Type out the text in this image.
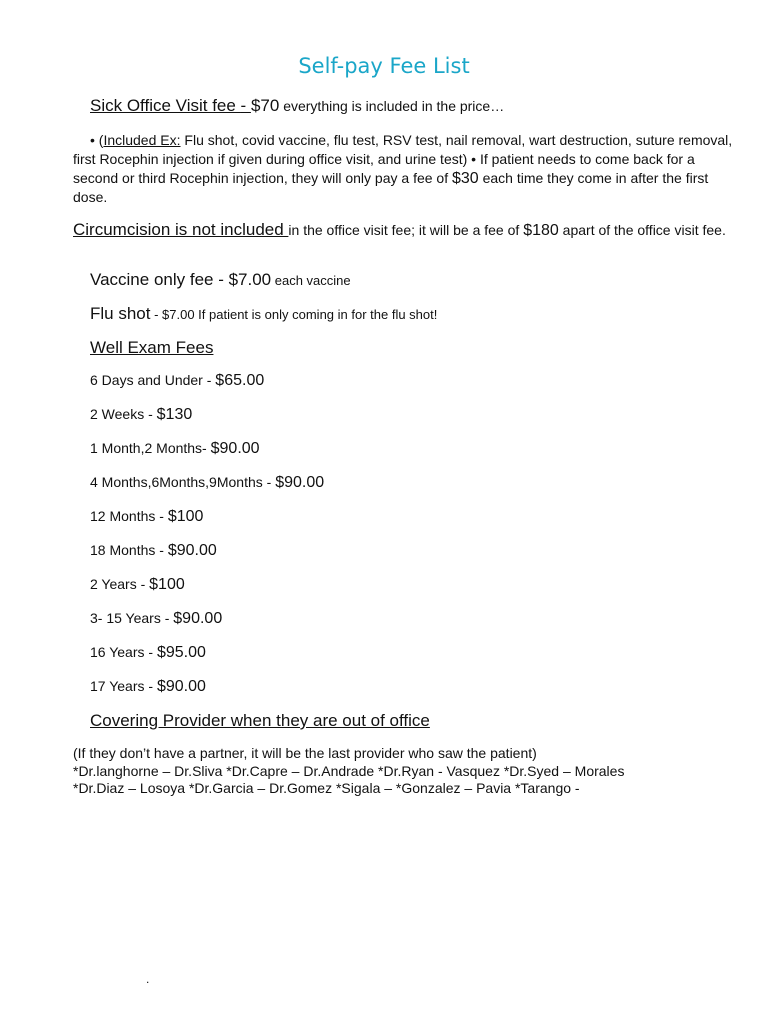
Self-pay Fee List
Sick Office Visit fee - $70 everything is included in the price…
• (Included Ex: Flu shot, covid vaccine, flu test, RSV test, nail removal, wart destruction, suture removal, first Rocephin injection if given during office visit, and urine test) • If patient needs to come back for a second or third Rocephin injection, they will only pay a fee of $30 each time they come in after the first dose.
Circumcision is not included in the office visit fee; it will be a fee of $180 apart of the office visit fee.
Vaccine only fee - $7.00 each vaccine
Flu shot - $7.00 If patient is only coming in for the flu shot!
Well Exam Fees
6 Days and Under - $65.00
2 Weeks - $130
1 Month,2 Months- $90.00
4 Months,6Months,9Months - $90.00
12 Months - $100
18 Months - $90.00
2 Years - $100
3- 15 Years - $90.00
16 Years - $95.00
17 Years - $90.00
Covering Provider when they are out of office
(If they don’t have a partner, it will be the last provider who saw the patient)
*Dr.langhorne – Dr.Sliva *Dr.Capre – Dr.Andrade *Dr.Ryan - Vasquez *Dr.Syed – Morales *Dr.Diaz – Losoya *Dr.Garcia – Dr.Gomez *Sigala – *Gonzalez – Pavia *Tarango -
.
